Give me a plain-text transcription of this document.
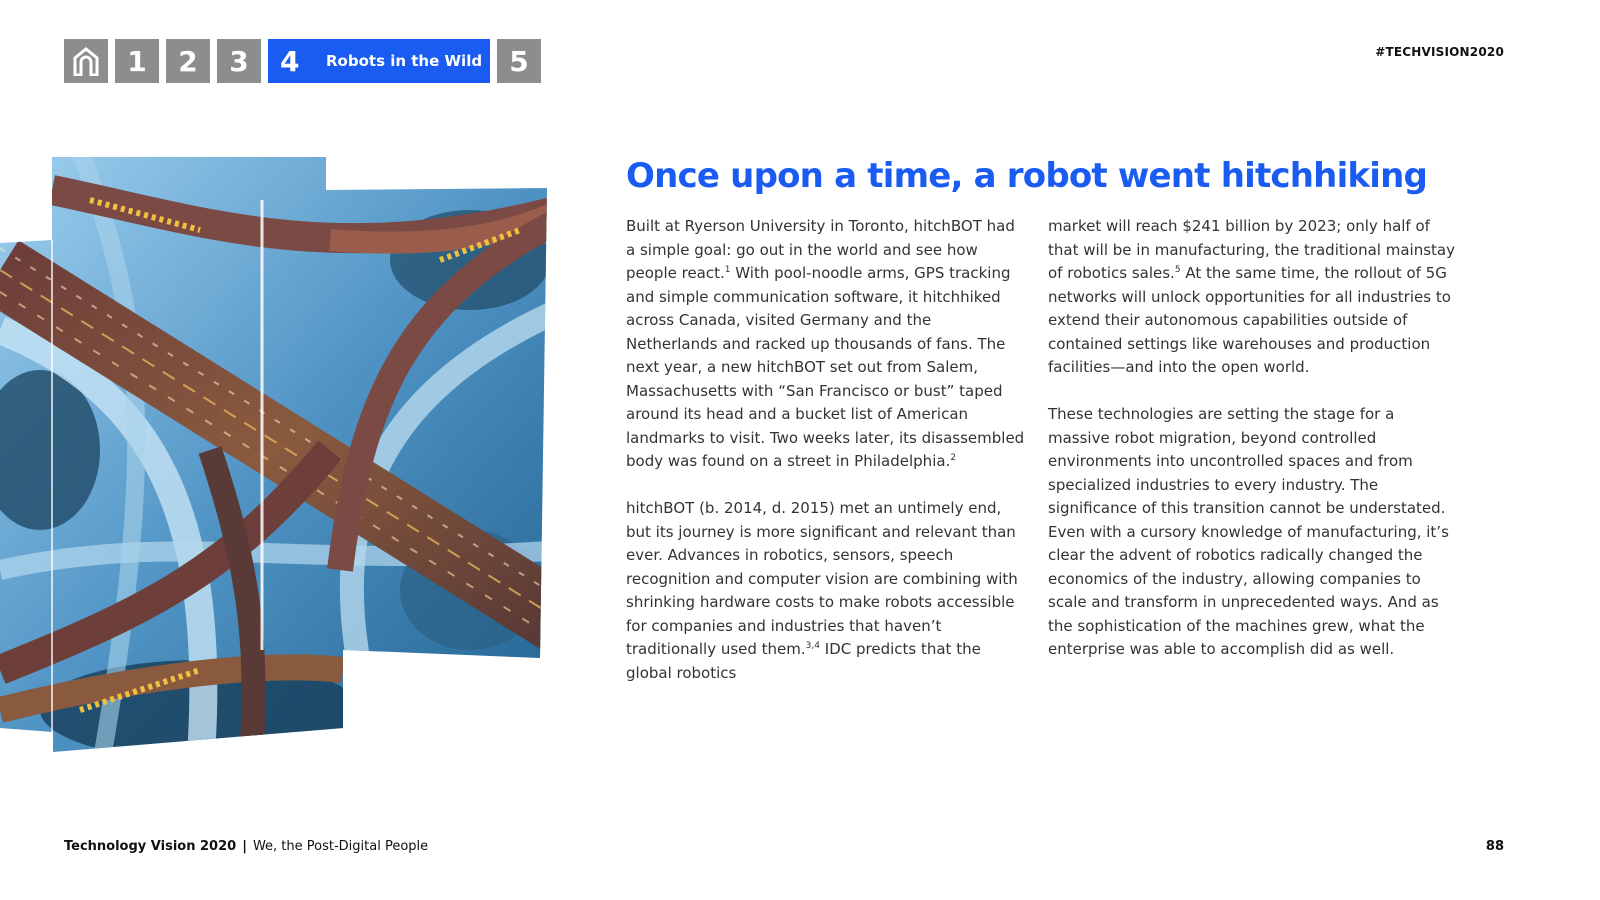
1 2 3 4	Robots in the Wild 5	#TECHVISION2020
Once upon a time, a robot went hitchhiking

Built at Ryerson University in Toronto, hitchBOT had a simple goal: go out in the world and see how people react.$^1$ With pool-noodle arms, GPS tracking and simple communication software, it hitchhiked across Canada, visited Germany and the Netherlands and racked up thousands of fans. The next year, a new hitchBOT set out from Salem, Massachusetts with “San Francisco or bust” taped around its head and a bucket list of American landmarks to visit. Two weeks later, its disassembled body was found on a street in Philadelphia.$^2$

hitchBOT (b. 2014, d. 2015) met an untimely end, but its journey is more significant and relevant than ever. Advances in robotics, sensors, speech recognition and computer vision are combining with shrinking hardware costs to make robots accessible for companies and industries that haven’t traditionally used them.$^{3,4}$ IDC predicts that the global robotics

market will reach $241 billion by 2023; only half of that will be in manufacturing, the traditional mainstay of robotics sales.$^5$ At the same time, the rollout of 5G networks will unlock opportunities for all industries to extend their autonomous capabilities outside of contained settings like warehouses and production facilities—and into the open world.

These technologies are setting the stage for a massive robot migration, beyond controlled environments into uncontrolled spaces and from specialized industries to every industry. The significance of this transition cannot be understated. Even with a cursory knowledge of manufacturing, it’s clear the advent of robotics radically changed the economics of the industry, allowing companies to scale and transform in unprecedented ways. And as the sophistication of the machines grew, what the enterprise was able to accomplish did as well.

Technology Vision 2020 | We, the Post-Digital People	88
